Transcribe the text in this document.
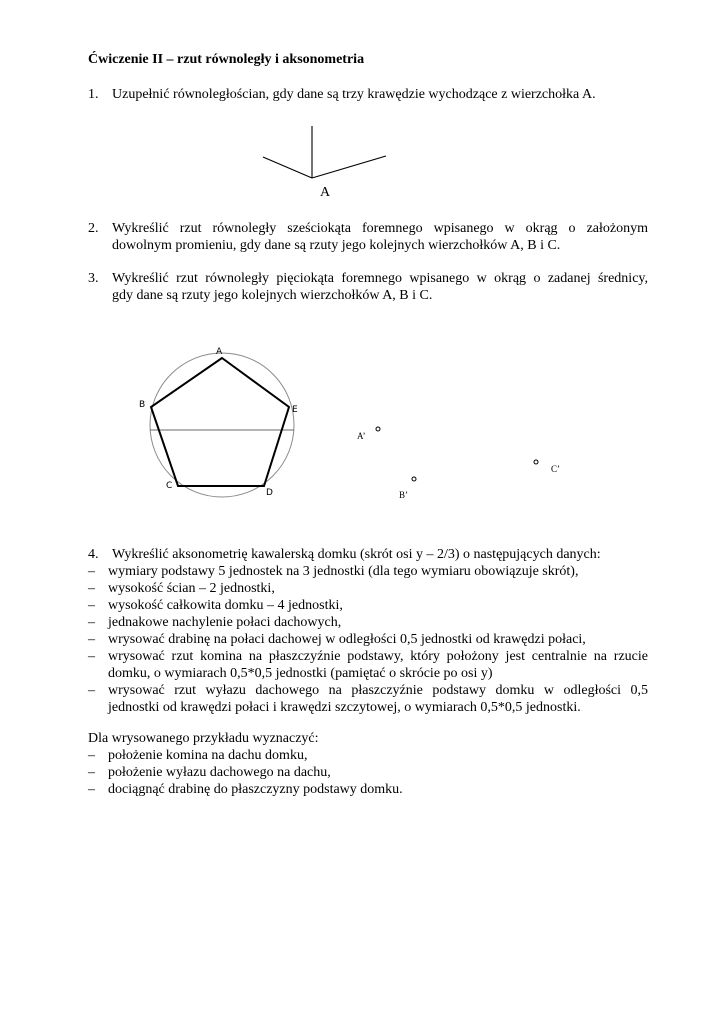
Ćwiczenie II – rzut równoległy i aksonometria
1. Uzupełnić równoległościan, gdy dane są trzy krawędzie wychodzące z wierzchołka A.
2. Wykreślić rzut równoległy sześciokąta foremnego wpisanego w okrąg o założonym
dowolnym promieniu, gdy dane są rzuty jego kolejnych wierzchołków A, B i C.
3. Wykreślić rzut równoległy pięciokąta foremnego wpisanego w okrąg o zadanej średnicy,
gdy dane są rzuty jego kolejnych wierzchołków A, B i C.
A
A
B	E
C
D
A’
B’
C’
4. Wykreślić aksonometrię kawalerską domku (skrót osi y – 2/3) o następujących danych:
– wymiary podstawy 5 jednostek na 3 jednostki (dla tego wymiaru obowiązuje skrót),
– wysokość ścian – 2 jednostki,
– wysokość całkowita domku – 4 jednostki,
– jednakowe nachylenie połaci dachowych,
– wrysować drabinę na połaci dachowej w odległości 0,5 jednostki od krawędzi połaci,
– wrysować rzut komina na płaszczyźnie podstawy, który położony jest centralnie na rzucie
domku, o wymiarach 0,5*0,5 jednostki (pamiętać o skrócie po osi y)
– wrysować rzut wyłazu dachowego na płaszczyźnie podstawy domku w odległości 0,5
jednostki od krawędzi połaci i krawędzi szczytowej, o wymiarach 0,5*0,5 jednostki.
Dla wrysowanego przykładu wyznaczyć:
– położenie komina na dachu domku,
– położenie wyłazu dachowego na dachu,
– dociągnąć drabinę do płaszczyzny podstawy domku.
